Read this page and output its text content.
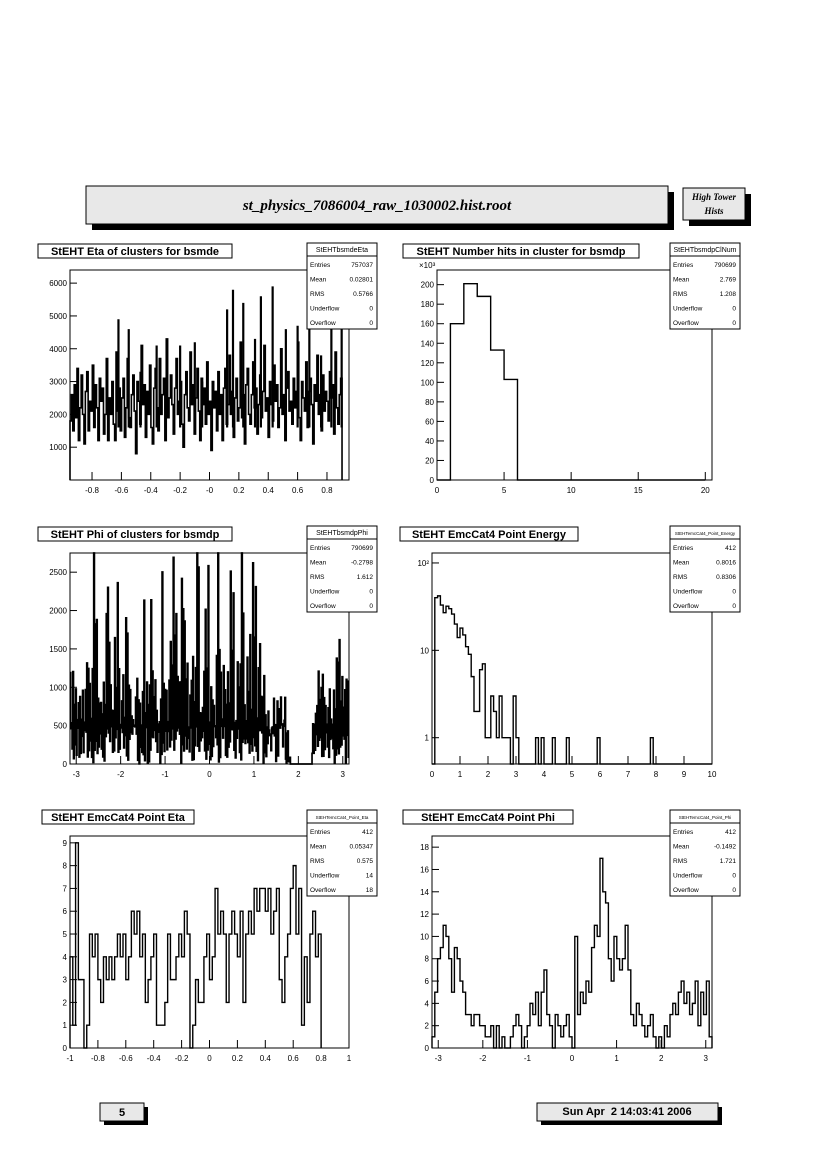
st_physics_7086004_raw_1030002.hist.root
High Tower
Hists
5	Sun Apr  2 14:03:41 2006
-0.8 -0.6 -0.4 -0.2 -0	0.2 0.4 0.6 0.8
1000
2000
3000
4000
5000
6000
StEHT Eta of clusters for bsmde	StEHTbsmdeEta
Entries	757037
Mean	0.02801
RMS	0.5766
Underflow	0
Overflow	0
0	5	10	15	20
0
20
40
60
80
100
120
140
160
180
200
×10³
StEHT Number hits in cluster for bsmdp	StEHTbsmdpClNum
Entries	790699
Mean	2.769
RMS	1.208
Underflow	0
Overflow	0
-3	-2	-1	0	1	2	3
0
500
1000
1500
2000
2500
StEHT Phi of clusters for bsmdp	StEHTbsmdpPhi
Entries	790699
Mean	-0.2798
RMS	1.612
Underflow	0
Overflow	0
0	1	2	3	4	5	6	7	8	9	10
1
10
10²
StEHT EmcCat4 Point Energy	StEHTemcCat4_Point_Energy
Entries	412
Mean	0.8016
RMS	0.8306
Underflow	0
Overflow	0
-1 -0.8 -0.6 -0.4 -0.2 0	0.2 0.4 0.6 0.8	1
0
1
2
3
4
5
6
7
8
9
StEHT EmcCat4 Point Eta	StEHTemcCat4_Point_Eta
Entries	412
Mean	0.05347
RMS	0.575
Underflow	14
Overflow	18
-3	-2	-1	0	1	2	3
0
2
4
6
8
10
12
14
16
18
StEHT EmcCat4 Point Phi	StEHTemcCat4_Point_Phi
Entries	412
Mean	-0.1492
RMS	1.721
Underflow	0
Overflow	0
